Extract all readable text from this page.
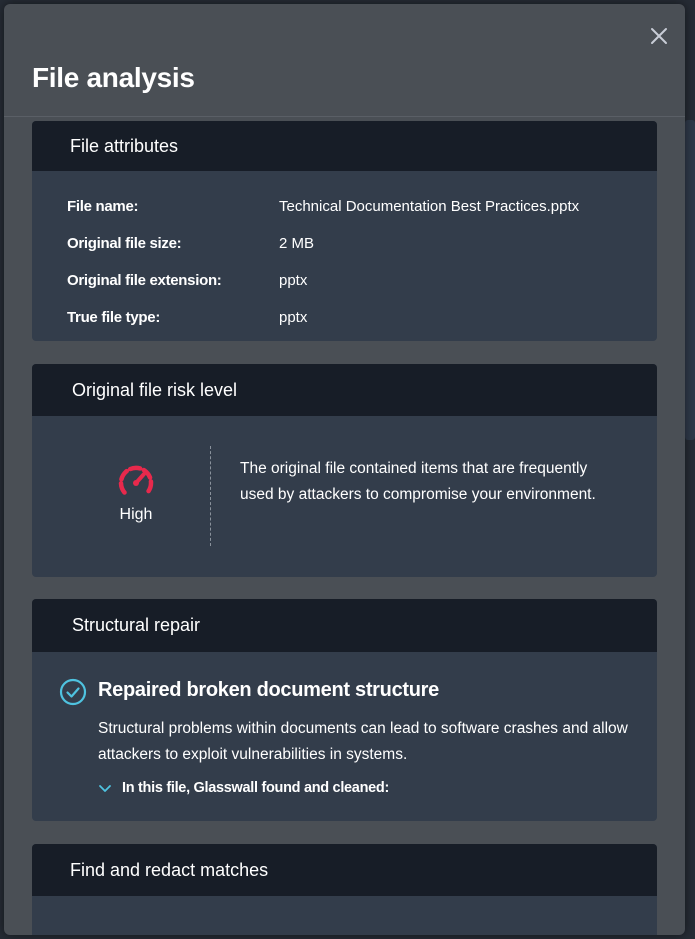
File analysis
File attributes
File name:	Technical Documentation Best Practices.pptx
Original file size:	2 MB
Original file extension:	pptx
True file type:	pptx
Original file risk level
High
The original file contained items that are frequently used by attackers to compromise your environment.
Structural repair
Repaired broken document structure
Structural problems within documents can lead to software crashes and allow attackers to exploit vulnerabilities in systems.
In this file, Glasswall found and cleaned:
Find and redact matches
